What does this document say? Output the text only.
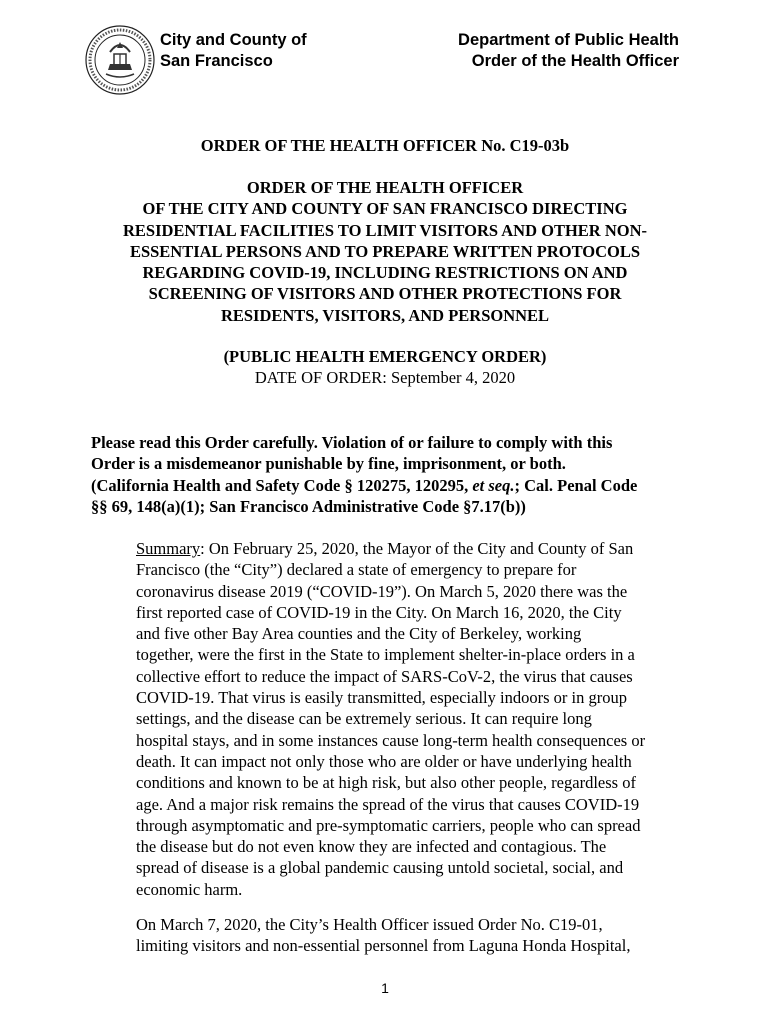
City and County of
San Francisco
Department of Public Health
Order of the Health Officer
ORDER OF THE HEALTH OFFICER No. C19-03b
ORDER OF THE HEALTH OFFICER
OF THE CITY AND COUNTY OF SAN FRANCISCO DIRECTING
RESIDENTIAL FACILITIES TO LIMIT VISITORS AND OTHER NON-
ESSENTIAL PERSONS AND TO PREPARE WRITTEN PROTOCOLS
REGARDING COVID-19, INCLUDING RESTRICTIONS ON AND
SCREENING OF VISITORS AND OTHER PROTECTIONS FOR
RESIDENTS, VISITORS, AND PERSONNEL
(PUBLIC HEALTH EMERGENCY ORDER)
DATE OF ORDER: September 4, 2020
Please read this Order carefully. Violation of or failure to comply with this
Order is a misdemeanor punishable by fine, imprisonment, or both.
(California Health and Safety Code § 120275, 120295, et seq.; Cal. Penal Code
§§ 69, 148(a)(1); San Francisco Administrative Code §7.17(b))
Summary: On February 25, 2020, the Mayor of the City and County of San
Francisco (the “City”) declared a state of emergency to prepare for
coronavirus disease 2019 (“COVID-19”). On March 5, 2020 there was the
first reported case of COVID-19 in the City. On March 16, 2020, the City
and five other Bay Area counties and the City of Berkeley, working
together, were the first in the State to implement shelter-in-place orders in a
collective effort to reduce the impact of SARS-CoV-2, the virus that causes
COVID-19. That virus is easily transmitted, especially indoors or in group
settings, and the disease can be extremely serious. It can require long
hospital stays, and in some instances cause long-term health consequences or
death. It can impact not only those who are older or have underlying health
conditions and known to be at high risk, but also other people, regardless of
age. And a major risk remains the spread of the virus that causes COVID-19
through asymptomatic and pre-symptomatic carriers, people who can spread
the disease but do not even know they are infected and contagious. The
spread of disease is a global pandemic causing untold societal, social, and
economic harm.
On March 7, 2020, the City’s Health Officer issued Order No. C19-01,
limiting visitors and non-essential personnel from Laguna Honda Hospital,
1
